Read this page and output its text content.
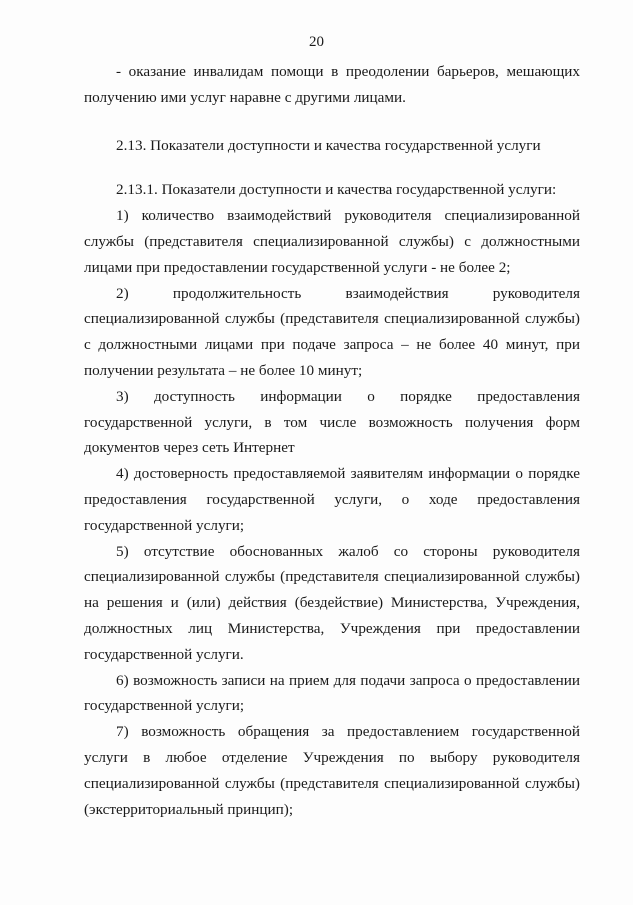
20

- оказание инвалидам помощи в преодолении барьеров, мешающих получению ими услуг наравне с другими лицами.

2.13. Показатели доступности и качества государственной услуги

2.13.1. Показатели доступности и качества государственной услуги:

1) количество взаимодействий руководителя специализированной службы (представителя специализированной службы) с должностными лицами при предоставлении государственной услуги - не более 2;

2) продолжительность взаимодействия руководителя специализированной службы (представителя специализированной службы) с должностными лицами при подаче запроса – не более 40 минут, при получении результата – не более 10 минут;

3) доступность информации о порядке предоставления государственной услуги, в том числе возможность получения форм документов через сеть Интернет

4) достоверность предоставляемой заявителям информации о порядке предоставления государственной услуги, о ходе предоставления государственной услуги;

5) отсутствие обоснованных жалоб со стороны руководителя специализированной службы (представителя специализированной службы) на решения и (или) действия (бездействие) Министерства, Учреждения, должностных лиц Министерства, Учреждения при предоставлении государственной услуги.

6) возможность записи на прием для подачи запроса о предоставлении государственной услуги;

7) возможность обращения за предоставлением государственной услуги в любое отделение Учреждения по выбору руководителя специализированной службы (представителя специализированной службы) (экстерриториальный принцип);
